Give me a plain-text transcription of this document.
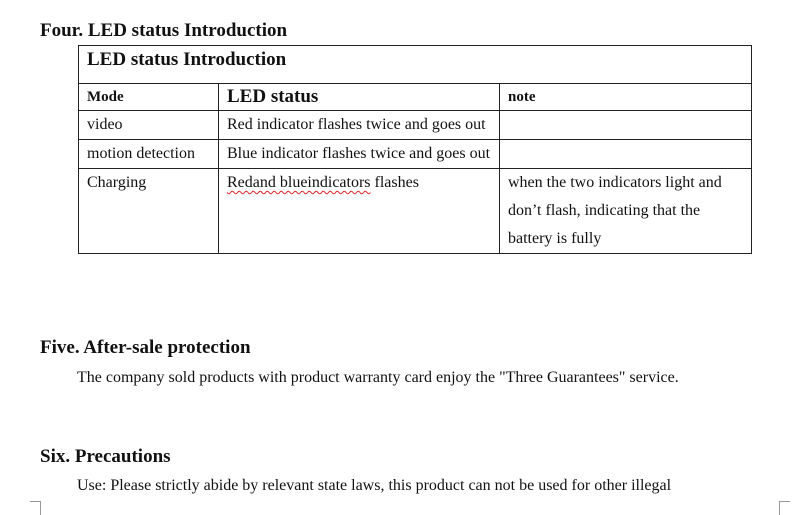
Four. LED status Introduction
LED status Introduction		
Mode	LED status	note
video	Red indicator flashes twice and goes out	
motion detection	Blue indicator flashes twice and goes out	
Charging	Redand blueindicators flashes	when the two indicators light and don’t flash, indicating that the battery is fully
Five. After-sale protection
The company sold products with product warranty card enjoy the "Three Guarantees" service.
Six. Precautions
Use: Please strictly abide by relevant state laws, this product can not be used for other illegal
